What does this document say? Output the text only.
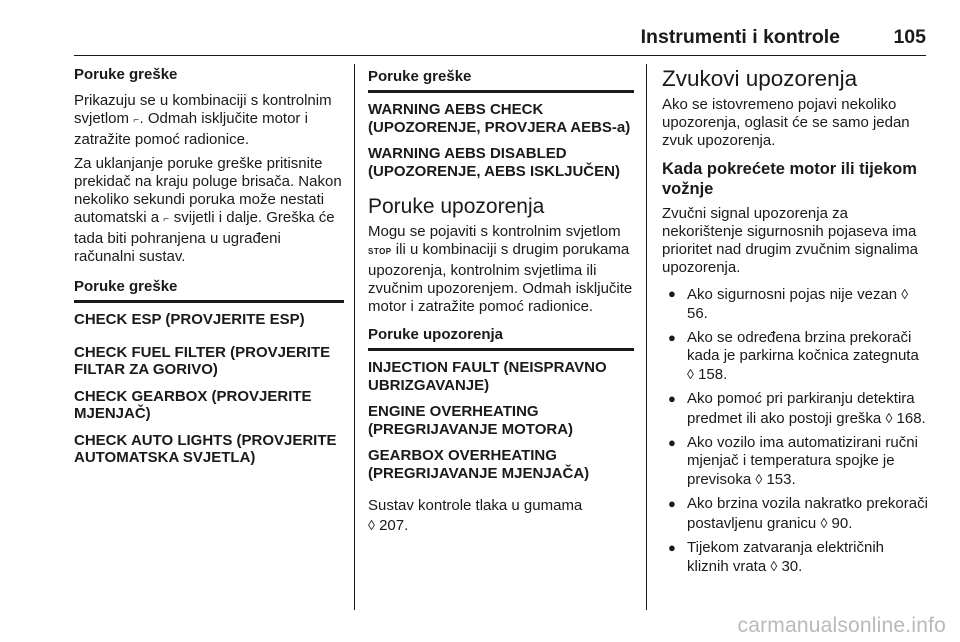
Instrumenti i kontrole	105
Poruke greške

Prikazuju se u kombinaciji s kontrolnim svjetlom ⌐. Odmah isključite motor i zatražite pomoć radionice.

Za uklanjanje poruke greške pritisnite prekidač na kraju poluge brisača. Nakon nekoliko sekundi poruka može nestati automatski a ⌐ svijetli i dalje. Greška će tada biti pohranjena u ugrađeni računalni sustav.

Poruke greške
CHECK ESP (PROVJERITE ESP)
CHECK FUEL FILTER (PROVJERITE FILTAR ZA GORIVO)
CHECK GEARBOX (PROVJERITE MJENJAČ)
CHECK AUTO LIGHTS (PROVJERITE AUTOMATSKA SVJETLA)
Poruke greške
WARNING AEBS CHECK (UPOZORENJE, PROVJERA AEBS-a)
WARNING AEBS DISABLED (UPOZORENJE, AEBS ISKLJUČEN)
Poruke upozorenja

Mogu se pojaviti s kontrolnim svjetlom STOP ili u kombinaciji s drugim porukama upozorenja, kontrolnim svjetlima ili zvučnim upozorenjem. Odmah isključite motor i zatražite pomoć radionice.

Poruke upozorenja
INJECTION FAULT (NEISPRAVNO UBRIZGAVANJE)
ENGINE OVERHEATING (PREGRIJAVANJE MOTORA)
GEARBOX OVERHEATING (PREGRIJAVANJE MJENJAČA)

Sustav kontrole tlaka u gumama
◊ 207.

Zvukovi upozorenja

Ako se istovremeno pojavi nekoliko upozorenja, oglasit će se samo jedan zvuk upozorenja.

Kada pokrećete motor ili tijekom vožnje

Zvučni signal upozorenja za nekorištenje sigurnosnih pojaseva ima prioritet nad drugim zvučnim signalima upozorenja.

● Ako sigurnosni pojas nije vezan ◊ 56.
● Ako se određena brzina prekorači kada je parkirna kočnica zategnuta ◊ 158.
● Ako pomoć pri parkiranju detektira predmet ili ako postoji greška ◊ 168.
● Ako vozilo ima automatizirani ručni mjenjač i temperatura spojke je previsoka ◊ 153.
● Ako brzina vozila nakratko prekorači postavljenu granicu ◊ 90.
● Tijekom zatvaranja električnih kliznih vrata ◊ 30.
carmanualsonline.info
